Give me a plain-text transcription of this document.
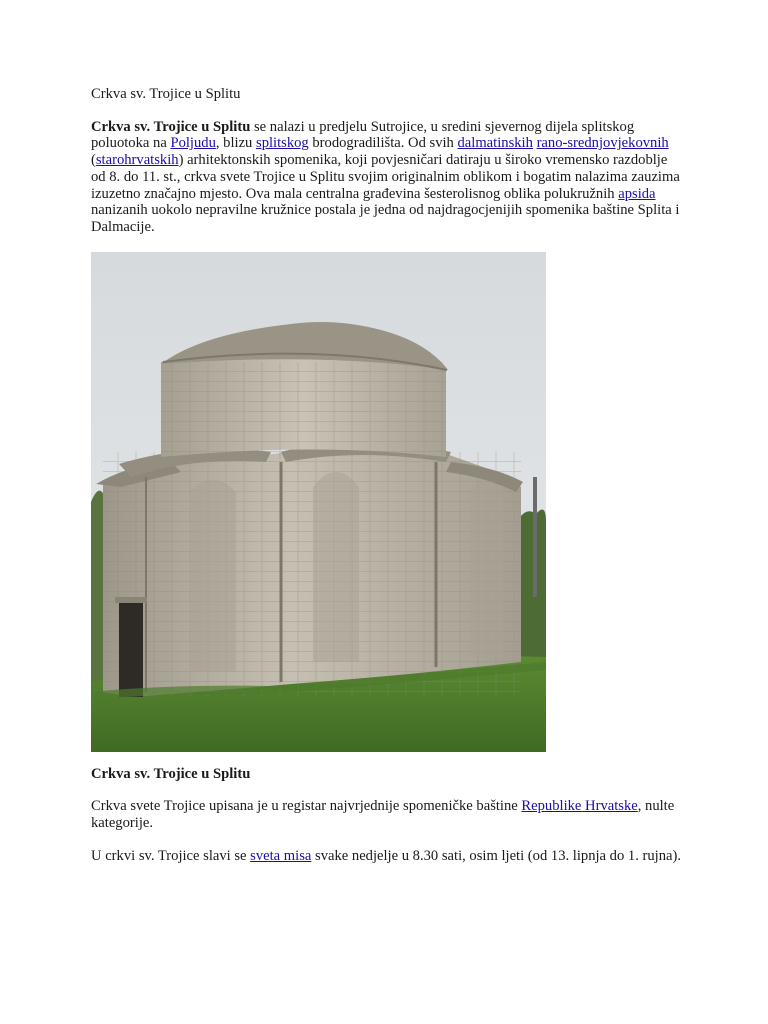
Crkva sv. Trojice u Splitu

Crkva sv. Trojice u Splitu se nalazi u predjelu Sutrojice, u sredini sjevernog dijela splitskog poluotoka na Poljudu, blizu splitskog brodogradilišta. Od svih dalmatinskih rano-srednjovjekovnih (starohrvatskih) arhitektonskih spomenika, koji povjesničari datiraju u široko vremensko razdoblje od 8. do 11. st., crkva svete Trojice u Splitu svojim originalnim oblikom i bogatim nalazima zauzima izuzetno značajno mjesto. Ova mala centralna građevina šesterolisnog oblika polukružnih apsida nanizanih uokolo nepravilne kružnice postala je jedna od najdragocjenijih spomenika baštine Splita i Dalmacije.

Crkva sv. Trojice u Splitu

Crkva svete Trojice upisana je u registar najvrjednije spomeničke baštine Republike Hrvatske, nulte kategorije.

U crkvi sv. Trojice slavi se sveta misa svake nedjelje u 8.30 sati, osim ljeti (od 13. lipnja do 1. rujna).
